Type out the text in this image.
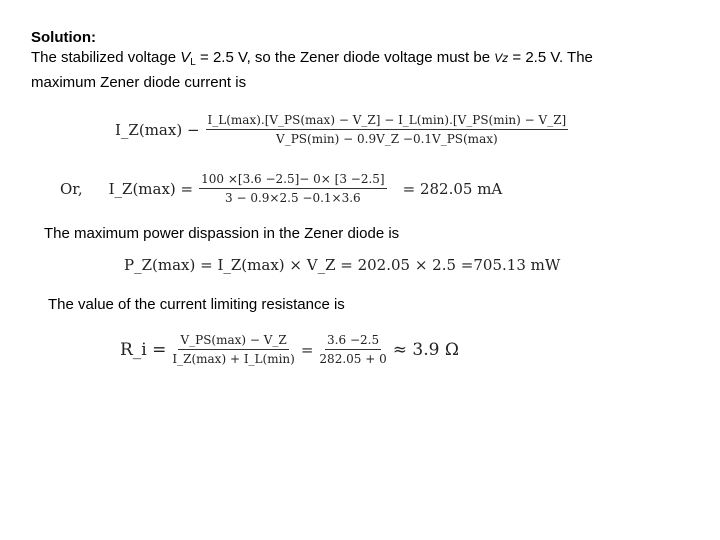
Solution:
The stabilized voltage $V_L = 2.5$ V, so the Zener diode voltage must be Vz = 2.5 V. The
maximum Zener diode current is
I_Z(max) − $\frac{I\_L(\max).[V\_PS(\max) - V\_Z] - I\_L(\min).[V\_PS(\min) - V\_Z]}{V\_PS(\min) - 0.9V\_Z -0.1V\_PS(\max)}$
Or, I_Z(max) = $\frac{100 \times[3.6 -2.5]- 0\times [3 -2.5]}{3 - 0.9\times 2.5 -0.1\times 3.6} = 282.05$ mA
The maximum power dispassion in the Zener diode is
P_Z(max) = I_Z(max) × V_Z = 202.05 × 2.5 =705.13 mW
The value of the current limiting resistance is
R_i = $\frac{V\_PS(\max) - V\_Z}{I\_Z(\max) + I\_L(\min)} = \frac{3.6 -2.5}{282.05 + 0} \approx 3.9$ Ω
